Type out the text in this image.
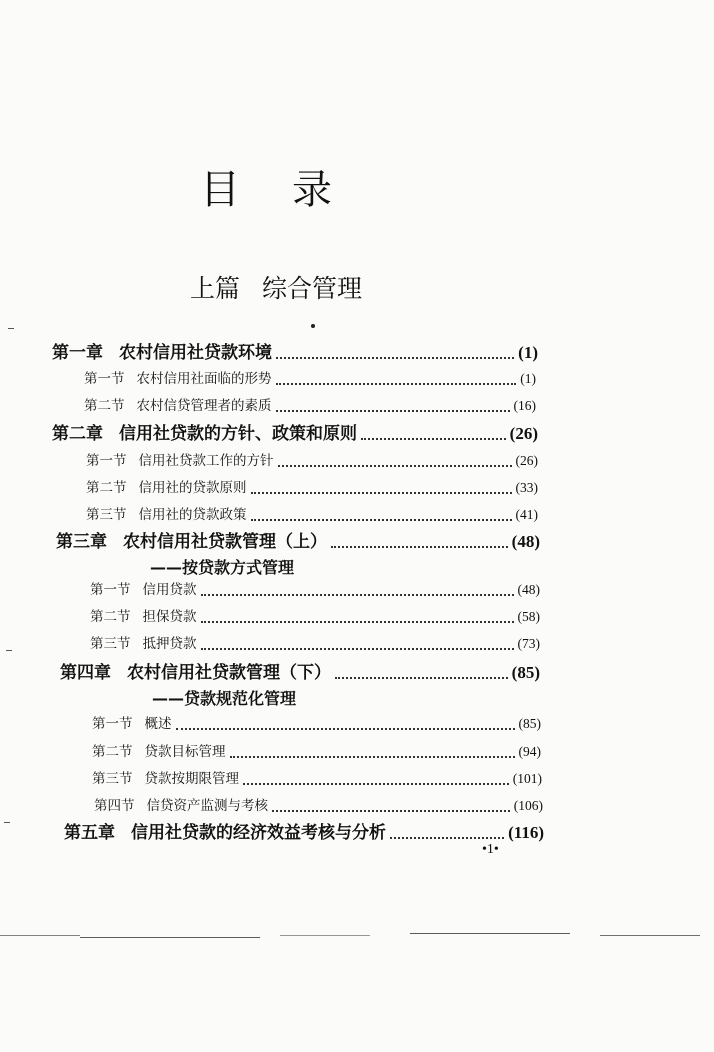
目录
上篇 综合管理
第一章 农村信用社贷款环境	(1)
第一节 农村信用社面临的形势	(1)
第二节 农村信贷管理者的素质	(16)
第二章 信用社贷款的方针、政策和原则	(26)
第一节 信用社贷款工作的方针	(26)
第二节 信用社的贷款原则	(33)
第三节 信用社的贷款政策	(41)
第三章 农村信用社贷款管理（上）	(48)
——按贷款方式管理
第一节 信用贷款	(48)
第二节 担保贷款	(58)
第三节 抵押贷款	(73)
第四章 农村信用社贷款管理（下）	(85)
——贷款规范化管理
第一节 概述	(85)
第二节 贷款目标管理	(94)
第三节 贷款按期限管理	(101)
第四节 信贷资产监测与考核	(106)
第五章 信用社贷款的经济效益考核与分析	(116)
•1•
